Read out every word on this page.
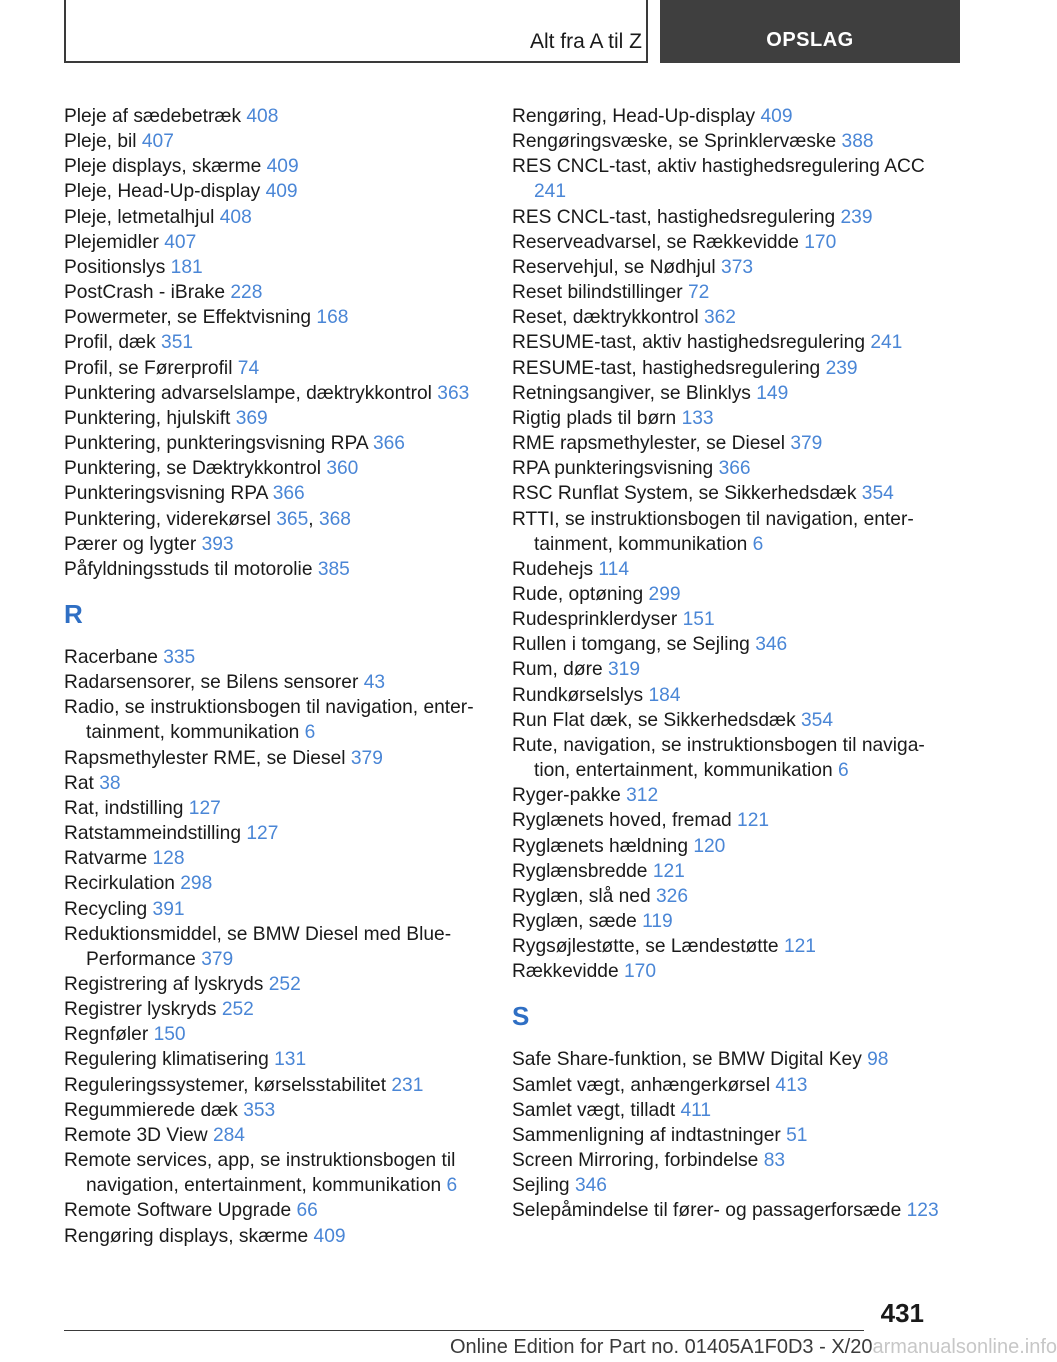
Alt fra A til Z	OPSLAG
Pleje af sædebetræk 408
Pleje, bil 407
Pleje displays, skærme 409
Pleje, Head-Up-display 409
Pleje, letmetalhjul 408
Plejemidler 407
Positionslys 181
PostCrash - iBrake 228
Powermeter, se Effektvisning 168
Profil, dæk 351
Profil, se Førerprofil 74
Punktering advarselslampe, dæktrykkontrol 363
Punktering, hjulskift 369
Punktering, punkteringsvisning RPA 366
Punktering, se Dæktrykkontrol 360
Punkteringsvisning RPA 366
Punktering, viderekørsel 365, 368
Pærer og lygter 393
Påfyldningsstuds til motorolie 385
R
Racerbane 335
Radarsensorer, se Bilens sensorer 43
Radio, se instruktionsbogen til navigation, entertainment, kommunikation 6
Rapsmethylester RME, se Diesel 379
Rat 38
Rat, indstilling 127
Ratstammeindstilling 127
Ratvarme 128
Recirkulation 298
Recycling 391
Reduktionsmiddel, se BMW Diesel med BluePerformance 379
Registrering af lyskryds 252
Registrer lyskryds 252
Regnføler 150
Regulering klimatisering 131
Reguleringssystemer, kørselsstabilitet 231
Regummierede dæk 353
Remote 3D View 284
Remote services, app, se instruktionsbogen til navigation, entertainment, kommunikation 6
Remote Software Upgrade 66
Rengøring displays, skærme 409
Rengøring, Head-Up-display 409
Rengøringsvæske, se Sprinklervæske 388
RES CNCL-tast, aktiv hastighedsregulering ACC 241
RES CNCL-tast, hastighedsregulering 239
Reserveadvarsel, se Rækkevidde 170
Reservehjul, se Nødhjul 373
Reset bilindstillinger 72
Reset, dæktrykkontrol 362
RESUME-tast, aktiv hastighedsregulering 241
RESUME-tast, hastighedsregulering 239
Retningsangiver, se Blinklys 149
Rigtig plads til børn 133
RME rapsmethylester, se Diesel 379
RPA punkteringsvisning 366
RSC Runflat System, se Sikkerhedsdæk 354
RTTI, se instruktionsbogen til navigation, entertainment, kommunikation 6
Rudehejs 114
Rude, optøning 299
Rudesprinklerdyser 151
Rullen i tomgang, se Sejling 346
Rum, døre 319
Rundkørselslys 184
Run Flat dæk, se Sikkerhedsdæk 354
Rute, navigation, se instruktionsbogen til navigation, entertainment, kommunikation 6
Ryger-pakke 312
Ryglænets hoved, fremad 121
Ryglænets hældning 120
Ryglænsbredde 121
Ryglæn, slå ned 326
Ryglæn, sæde 119
Rygsøjlestøtte, se Lændestøtte 121
Rækkevidde 170
S
Safe Share-funktion, se BMW Digital Key 98
Samlet vægt, anhængerkørsel 413
Samlet vægt, tilladt 411
Sammenligning af indtastninger 51
Screen Mirroring, forbindelse 83
Sejling 346
Selepåmindelse til fører- og passagerforsæde 123
431
Online Edition for Part no. 01405A1F0D3 - X/20armanualsonline.info
